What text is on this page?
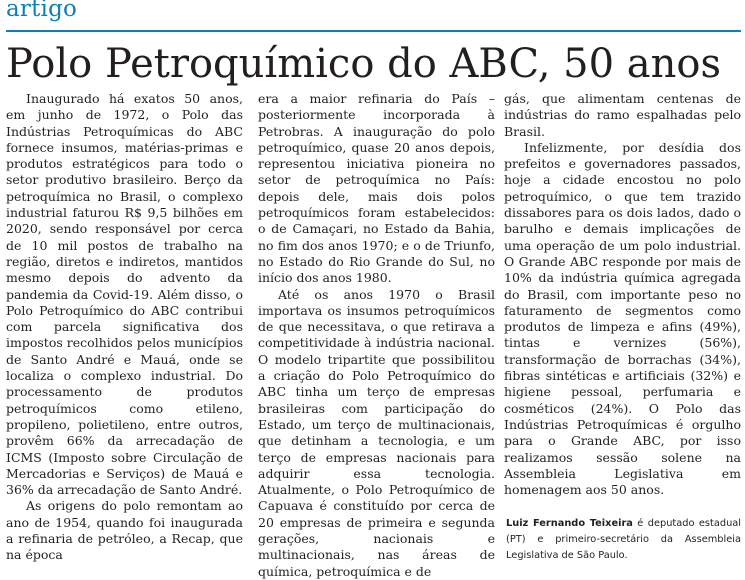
artigo
Polo Petroquímico do ABC, 50 anos

Inaugurado há exatos 50 anos, em junho de 1972, o Polo das Indústrias Petroquímicas do ABC fornece insumos, matérias-primas e produtos estratégicos para todo o setor produtivo brasileiro. Berço da petroquímica no Brasil, o complexo industrial faturou R$ 9,5 bilhões em 2020, sendo responsável por cerca de 10 mil postos de trabalho na região, diretos e indiretos, mantidos mesmo depois do advento da pandemia da Covid-19. Além disso, o Polo Petroquímico do ABC contribui com parcela significativa dos impostos recolhidos pelos municípios de Santo André e Mauá, onde se localiza o complexo industrial. Do processamento de produtos petroquímicos como etileno, propileno, polietileno, entre outros, provêm 66% da arrecadação de ICMS (Imposto sobre Circulação de Mercadorias e Serviços) de Mauá e 36% da arrecadação de Santo André.

As origens do polo remontam ao ano de 1954, quando foi inaugurada a refinaria de petróleo, a Recap, que na época

era a maior refinaria do País – posteriormente incorporada à Petrobras. A inauguração do polo petroquímico, quase 20 anos depois, representou iniciativa pioneira no setor de petroquímica no País: depois dele, mais dois polos petroquímicos foram estabelecidos: o de Camaçari, no Estado da Bahia, no fim dos anos 1970; e o de Triunfo, no Estado do Rio Grande do Sul, no início dos anos 1980.

Até os anos 1970 o Brasil importava os insumos petroquímicos de que necessitava, o que retirava a competitividade à indústria nacional. O modelo tripartite que possibilitou a criação do Polo Petroquímico do ABC tinha um terço de empresas brasileiras com participação do Estado, um terço de multinacionais, que detinham a tecnologia, e um terço de empresas nacionais para adquirir essa tecnologia. Atualmente, o Polo Petroquímico de Capuava é constituído por cerca de 20 empresas de primeira e segunda gerações, nacionais e multinacionais, nas áreas de química, petroquímica e de

gás, que alimentam centenas de indústrias do ramo espalhadas pelo Brasil.

Infelizmente, por desídia dos prefeitos e governadores passados, hoje a cidade encostou no polo petroquímico, o que tem trazido dissabores para os dois lados, dado o barulho e demais implicações de uma operação de um polo industrial. O Grande ABC responde por mais de 10% da indústria química agregada do Brasil, com importante peso no faturamento de segmentos como produtos de limpeza e afins (49%), tintas e vernizes (56%), transformação de borrachas (34%), fibras sintéticas e artificiais (32%) e higiene pessoal, perfumaria e cosméticos (24%). O Polo das Indústrias Petroquímicas é orgulho para o Grande ABC, por isso realizamos sessão solene na Assembleia Legislativa em homenagem aos 50 anos.

Luiz Fernando Teixeira é deputado estadual (PT) e primeiro-secretário da Assembleia Legislativa de São Paulo.
